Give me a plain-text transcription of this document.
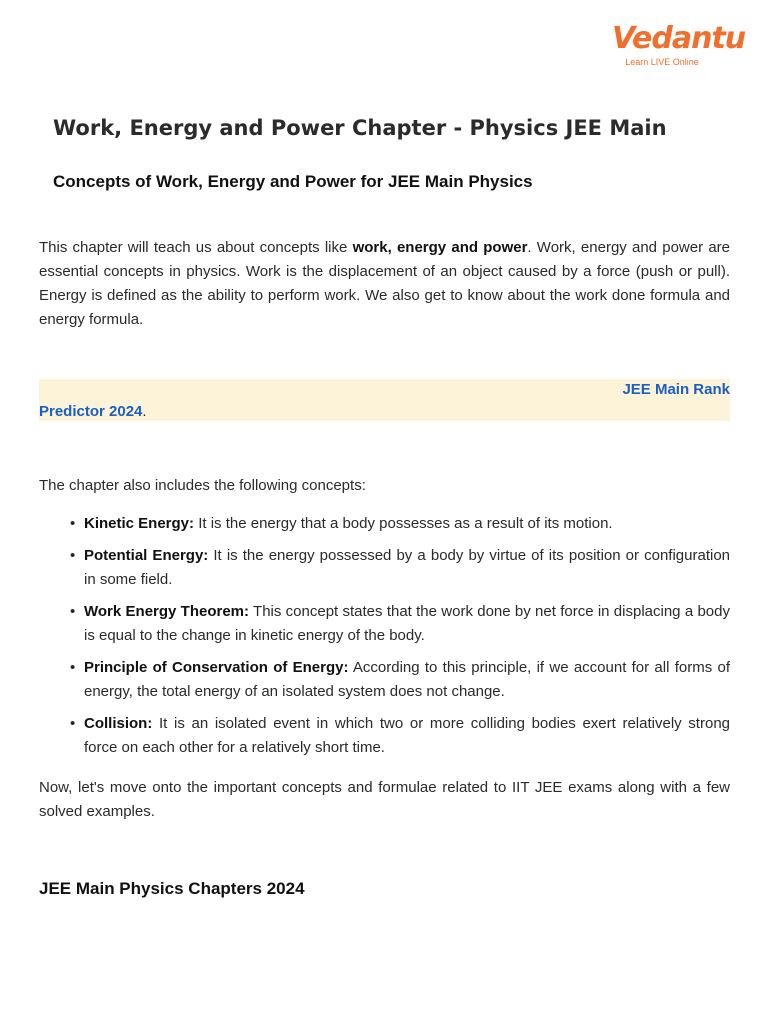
Vedantu
Learn LIVE Online
Work, Energy and Power Chapter - Physics JEE Main
Concepts of Work, Energy and Power for JEE Main Physics
This chapter will teach us about concepts like work, energy and power. Work, energy and power are essential concepts in physics. Work is the displacement of an object caused by a force (push or pull). Energy is defined as the ability to perform work. We also get to know about the work done formula and energy formula.
JEE Main Rank
Predictor 2024.
The chapter also includes the following concepts:
• Kinetic Energy: It is the energy that a body possesses as a result of its motion.
• Potential Energy: It is the energy possessed by a body by virtue of its position or configuration in some field.
• Work Energy Theorem: This concept states that the work done by net force in displacing a body is equal to the change in kinetic energy of the body.
• Principle of Conservation of Energy: According to this principle, if we account for all forms of energy, the total energy of an isolated system does not change.
• Collision: It is an isolated event in which two or more colliding bodies exert relatively strong force on each other for a relatively short time.
Now, let's move onto the important concepts and formulae related to IIT JEE exams along with a few solved examples.
JEE Main Physics Chapters 2024
